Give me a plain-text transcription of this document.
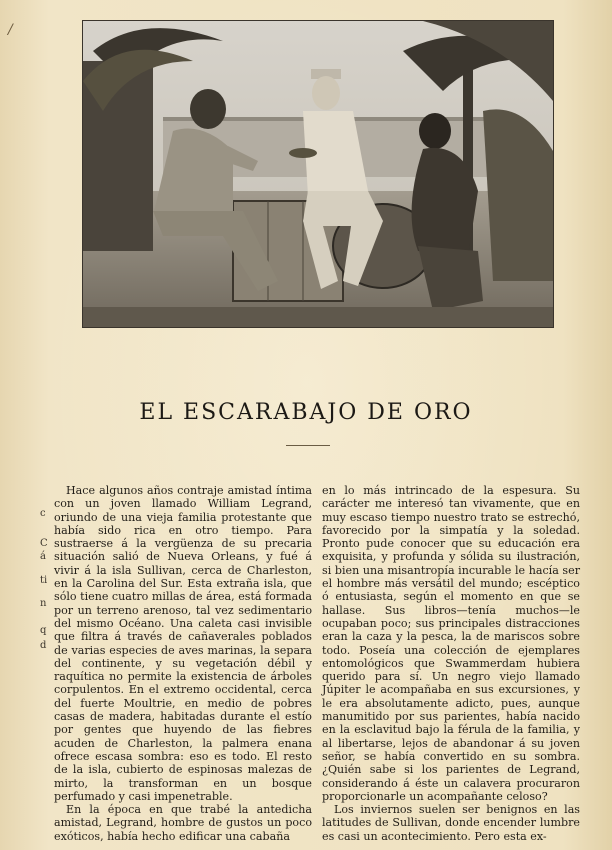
/
EL ESCARABAJO DE ORO

Hace algunos años contraje amistad íntima con un joven llamado William Legrand, oriundo de una vieja familia protestante que había sido rica en otro tiempo. Para sustraerse á la vergüenza de su precaria situación salió de Nueva Orleans, y fué á vivir á la isla Sullivan, cerca de Charleston, en la Carolina del Sur. Esta extraña isla, que sólo tiene cuatro millas de área, está formada por un terreno arenoso, tal vez sedimentario del mismo Océano. Una caleta casi invisible que filtra á través de cañaverales poblados de varias especies de aves marinas, la separa del continente, y su vegetación débil y raquítica no permite la existencia de árboles corpulentos. En el extremo occidental, cerca del fuerte Moultrie, en medio de pobres casas de madera, habitadas durante el estío por gentes que huyendo de las fiebres acuden de Charleston, la palmera enana ofrece escasa sombra: eso es todo. El resto de la isla, cubierto de espinosas malezas de mirto, la transforman en un bosque perfumado y casi impenetrable.

En la época en que trabé la antedicha amistad, Legrand, hombre de gustos un poco exóticos, había hecho edificar una cabaña

c
C
á
ti
n
q
d

en lo más intrincado de la espesura. Su carácter me interesó tan vivamente, que en muy escaso tiempo nuestro trato se estrechó, favorecido por la simpatía y la soledad. Pronto pude conocer que su educación era exquisita, y profunda y sólida su ilustración, si bien una misantropía incurable le hacía ser el hombre más versátil del mundo; escéptico ó entusiasta, según el momento en que se hallase. Sus libros—tenía muchos—le ocupaban poco; sus principales distracciones eran la caza y la pesca, la de mariscos sobre todo. Poseía una colección de ejemplares entomológicos que Swammerdam hubiera querido para sí. Un negro viejo llamado Júpiter le acompañaba en sus excursiones, y le era absolutamente adicto, pues, aunque manumitido por sus parientes, había nacido en la esclavitud bajo la férula de la familia, y al libertarse, lejos de abandonar á su joven señor, se había convertido en su sombra. ¿Quién sabe si los parientes de Legrand, considerando á éste un calavera procuraron proporcionarle un acompañante celoso?

Los inviernos suelen ser benignos en las latitudes de Sullivan, donde encender lumbre es casi un acontecimiento. Pero esta ex-
